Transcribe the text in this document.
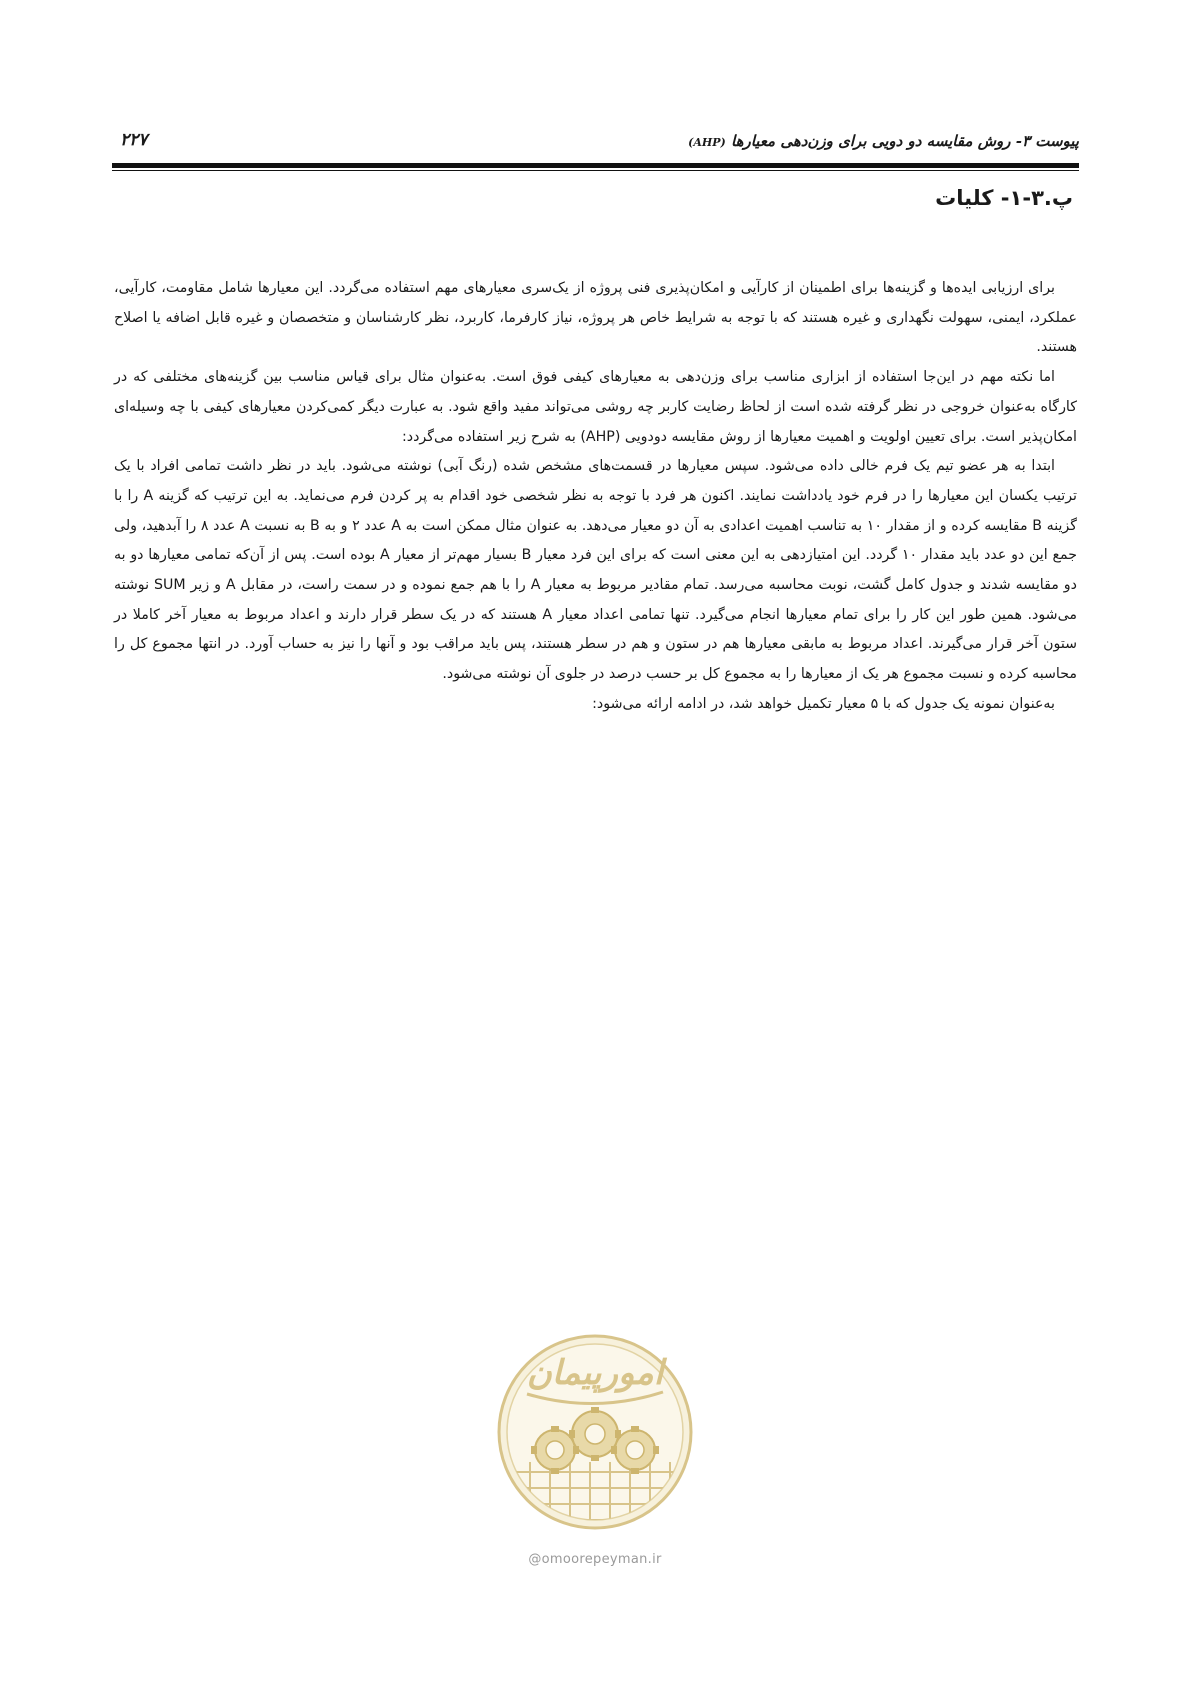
پیوست ۳- روش مقایسه دو دویی برای وزن‌دهی معیارها (AHP)
۲۲۷
پ.۳-۱- کلیات

برای ارزیابی ایده‌ها و گزینه‌ها برای اطمینان از کارآیی و امکان‌پذیری فنی پروژه از یک‌سری معیارهای مهم استفاده می‌گردد. این معیارها شامل مقاومت، کارآیی، عملکرد، ایمنی، سهولت نگهداری و غیره هستند که با توجه به شرایط خاص هر پروژه، نیاز کارفرما، کاربرد، نظر کارشناسان و متخصصان و غیره قابل اضافه یا اصلاح هستند.

اما نکته مهم در این‌جا استفاده از ابزاری مناسب برای وزن‌دهی به معیارهای کیفی فوق است. به‌عنوان مثال برای قیاس مناسب بین گزینه‌های مختلفی که در کارگاه به‌عنوان خروجی در نظر گرفته شده است از لحاظ رضایت کاربر چه روشی می‌تواند مفید واقع شود. به عبارت دیگر کمی‌کردن معیارهای کیفی با چه وسیله‌ای امکان‌پذیر است. برای تعیین اولویت و اهمیت معیارها از روش مقایسه دودویی (AHP) به شرح زیر استفاده می‌گردد:

ابتدا به هر عضو تیم یک فرم خالی داده می‌شود. سپس معیارها در قسمت‌های مشخص شده (رنگ آبی) نوشته می‌شود. باید در نظر داشت تمامی افراد با یک ترتیب یکسان این معیارها را در فرم خود یادداشت نمایند. اکنون هر فرد با توجه به نظر شخصی خود اقدام به پر کردن فرم می‌نماید. به این ترتیب که گزینه A را با گزینه B مقایسه کرده و از مقدار ۱۰ به تناسب اهمیت اعدادی به آن دو معیار می‌دهد. به عنوان مثال ممکن است به A عدد ۲ و به B به نسبت A عدد ۸ را آبدهید، ولی جمع این دو عدد باید مقدار ۱۰ گردد. این امتیازدهی به این معنی است که برای این فرد معیار B بسیار مهم‌تر از معیار A بوده است. پس از آن‌که تمامی معیارها دو به دو مقایسه شدند و جدول کامل گشت، نوبت محاسبه می‌رسد. تمام مقادیر مربوط به معیار A را با هم جمع نموده و در سمت راست، در مقابل A و زیر SUM نوشته می‌شود. همین طور این کار را برای تمام معیارها انجام می‌گیرد. تنها تمامی اعداد معیار A هستند که در یک سطر قرار دارند و اعداد مربوط به معیار آخر کاملا در ستون آخر قرار می‌گیرند. اعداد مربوط به مابقی معیارها هم در ستون و هم در سطر هستند، پس باید مراقب بود و آنها را نیز به حساب آورد. در انتها مجموع کل را محاسبه کرده و نسبت مجموع هر یک از معیارها را به مجموع کل بر حسب درصد در جلوی آن نوشته می‌شود.

به‌عنوان نمونه یک جدول که با ۵ معیار تکمیل خواهد شد، در ادامه ارائه می‌شود:

امورپیمان
@omoorepeyman.ir
